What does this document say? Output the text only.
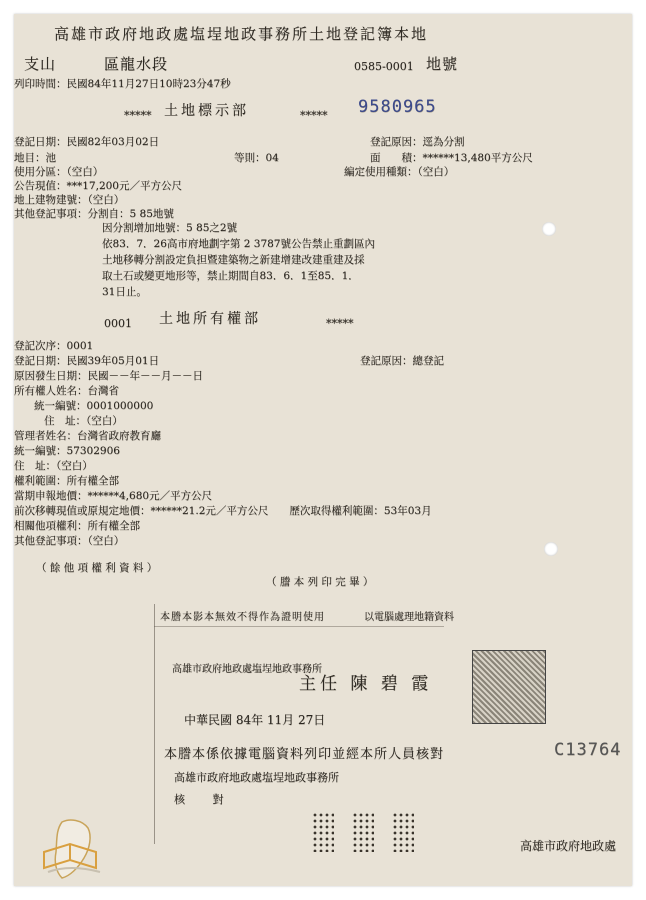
高雄市政府地政處塩埕地政事務所土地登記簿本地
支山	區龍水段	0585-0001 地號
列印時間：民國84年11月27日10時23分47秒
***** 土地標示部	***** 9580965
登記日期：民國82年03月02日
地目：池	等則：04
使用分區：（空白）
公告現值：***17,200元／平方公尺
地上建物建號：（空白）
其他登記事項：分割自：5 85地號
因分割增加地號：5 85之2號
依83．7．26高市府地劃字第 2 3787號公告禁止重劃區內
土地移轉分割設定負担暨建築物之新建增建改建重建及採
取土石或變更地形等，禁止期間自83．6．1至85．1．
31日止。
登記原因：逕為分割
面　　積：******13,480平方公尺
編定使用種類：（空白）
0001 土地所有權部	*****
登記次序：0001
登記日期：民國39年05月01日
原因發生日期：民國－－年－－月－－日
所有權人姓名：台灣省
統一編號：0001000000
住　址：（空白）
管理者姓名：台灣省政府教育廳
統一編號：57302906
住　址：（空白）
權利範圍：所有權全部
當期申報地價：******4,680元／平方公尺
前次移轉現值或原規定地價：******21.2元／平方公尺　　歷次取得權利範圍：53年03月
相關他項權利：所有權全部
其他登記事項：（空白）
登記原因：總登記
（ 餘 他 項 權 利 資 料 ）
（ 謄 本 列 印 完 畢 ）
本謄本影本無效不得作為證明使用	以電腦處理地籍資料
高雄市政府地政處塩埕地政事務所
主任 陳 碧 霞
中華民國 84年 11月 27日
本謄本係依據電腦資料列印並經本所人員核對
高雄市政府地政處塩埕地政事務所
核 對
C13764
高雄市政府地政處
